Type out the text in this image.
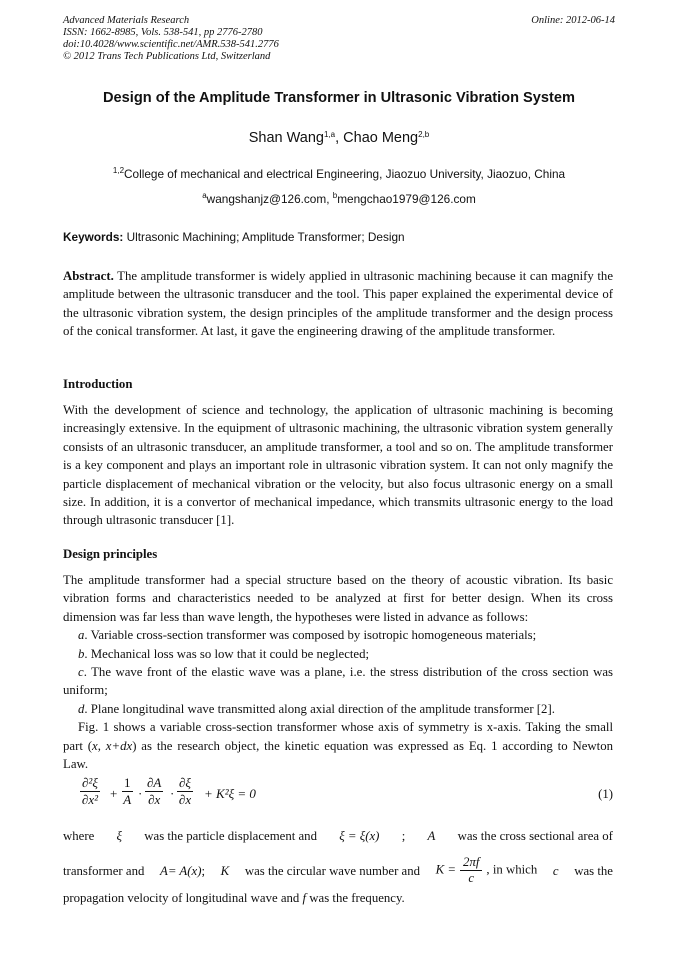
Advanced Materials Research
ISSN: 1662-8985, Vols. 538-541, pp 2776-2780
doi:10.4028/www.scientific.net/AMR.538-541.2776
© 2012 Trans Tech Publications Ltd, Switzerland
Online: 2012-06-14
Design of the Amplitude Transformer in Ultrasonic Vibration System
Shan Wang$^{1,a}$, Chao Meng$^{2,b}$
$^{1,2}$College of mechanical and electrical Engineering, Jiaozuo University, Jiaozuo, China
$^a$wangshanjz@126.com, $^b$mengchao1979@126.com
Keywords: Ultrasonic Machining; Amplitude Transformer; Design
Abstract. The amplitude transformer is widely applied in ultrasonic machining because it can magnify the amplitude between the ultrasonic transducer and the tool. This paper explained the experimental device of the ultrasonic vibration system, the design principles of the amplitude transformer and the design process of the conical transformer. At last, it gave the engineering drawing of the amplitude transformer.
Introduction
With the development of science and technology, the application of ultrasonic machining is becoming increasingly extensive. In the equipment of ultrasonic machining, the ultrasonic vibration system generally consists of an ultrasonic transducer, an amplitude transformer, a tool and so on. The amplitude transformer is a key component and plays an important role in ultrasonic vibration system. It can not only magnify the particle displacement of mechanical vibration or the velocity, but also focus ultrasonic energy on a small size. In addition, it is a convertor of mechanical impedance, which transmits ultrasonic energy to the load through ultrasonic transducer [1].
Design principles
The amplitude transformer had a special structure based on the theory of acoustic vibration. Its basic vibration forms and characteristics needed to be analyzed at first for better design. When its cross dimension was far less than wave length, the hypotheses were listed in advance as follows:
a. Variable cross-section transformer was composed by isotropic homogeneous materials;
b. Mechanical loss was so low that it could be neglected;
c. The wave front of the elastic wave was a plane, i.e. the stress distribution of the cross section was uniform;
d. Plane longitudinal wave transmitted along axial direction of the amplitude transformer [2].
Fig. 1 shows a variable cross-section transformer whose axis of symmetry is x-axis. Taking the small part (x, x+dx) as the research object, the kinetic equation was expressed as Eq. 1 according to Newton Law.
$\frac{\text{∂²ξ}}{\text{∂x²}} + \frac{1}{A} \cdot \frac{\partial A}{\partial x} \cdot \frac{\partial\xi}{\partial x} + K^2\xi = 0$	(1)
where ξ was the particle displacement and ξ = ξ(x) ; A was the cross sectional area of
transformer and A= A(x); K was the circular wave number and $K = \frac{2\pi f}{c}$ , in which c was the
propagation velocity of longitudinal wave and f was the frequency.
